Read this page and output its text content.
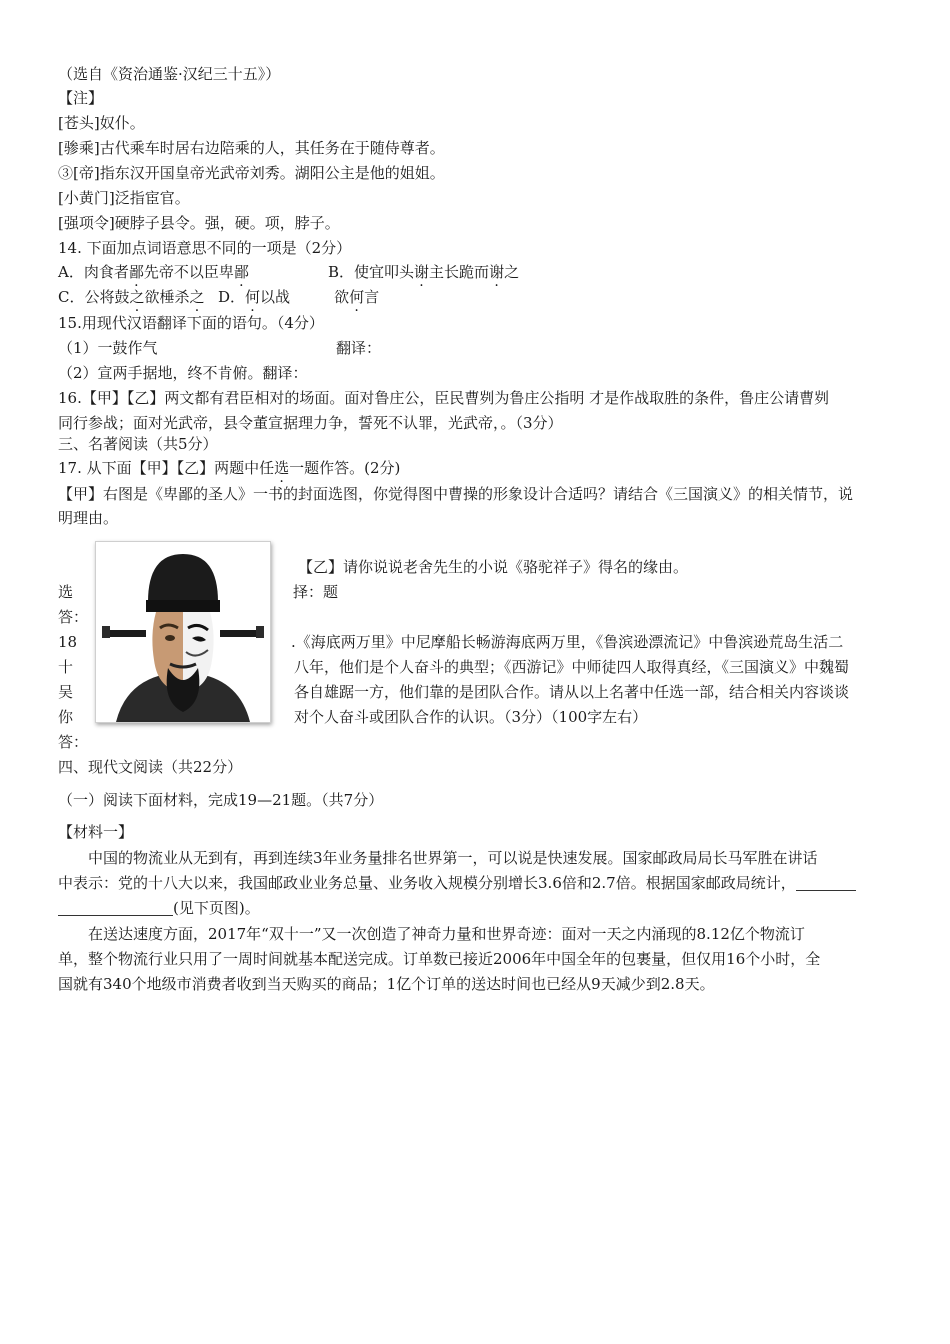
（选自《资治通鉴·汉纪三十五》）
【注】
[苍头]奴仆。
[骖乘]古代乘车时居右边陪乘的人，其任务在于随侍尊者。
③[帝]指东汉开国皇帝光武帝刘秀。湖阳公主是他的姐姐。
[小黄门]泛指宦官。
[强项令]硬脖子县令。强，硬。项，脖子。
14. 下面加点词语意思不同的一项是（2分）
A．肉食者鄙先帝不以臣卑鄙	B．使宜叩头谢主长跪而谢之
C．公将鼓之欲棰杀之 D．何以战	欲何言
15.用现代汉语翻译下面的语句。（4分）
（1）一鼓作气	翻译：
（2）宣两手据地，终不肯俯。翻译：
16.【甲】【乙】两文都有君臣相对的场面。面对鲁庄公，臣民曹刿为鲁庄公指明 才是作战取胜的条件，鲁庄公请曹刿
同行参战；面对光武帝，县令董宣据理力争，誓死不认罪，光武帝，。（3分）
三、名著阅读（共5分）
17. 从下面【甲】【乙】两题中任选一题作答。(2分)
【甲】右图是《卑鄙的圣人》一书的封面选图，你觉得图中曹操的形象设计合适吗？请结合《三国演义》的相关情节，说
明理由。
【乙】请你说说老舍先生的小说《骆驼祥子》得名的缘由。
选	择：题
答：
18	.《海底两万里》中尼摩船长畅游海底两万里，《鲁滨逊漂流记》中鲁滨逊荒岛生活二
十	八年，他们是个人奋斗的典型；《西游记》中师徒四人取得真经，《三国演义》中魏蜀
吴	各自雄踞一方，他们靠的是团队合作。请从以上名著中任选一部，结合相关内容谈谈
你	对个人奋斗或团队合作的认识。（3分）（100字左右）
答：
四、现代文阅读（共22分）
（一）阅读下面材料，完成19—21题。（共7分）
【材料一】
中国的物流业从无到有，再到连续3年业务量排名世界第一，可以说是快速发展。国家邮政局局长马军胜在讲话
中表示：党的十八大以来，我国邮政业业务总量、业务收入规模分别增长3.6倍和2.7倍。根据国家邮政局统计，
(见下页图)。
在送达速度方面，2017年“双十一”又一次创造了神奇力量和世界奇迹：面对一天之内涌现的8.12亿个物流订
单，整个物流行业只用了一周时间就基本配送完成。订单数已接近2006年中国全年的包裹量，但仅用16个小时，全
国就有340个地级市消费者收到当天购买的商品；1亿个订单的送达时间也已经从9天减少到2.8天。
